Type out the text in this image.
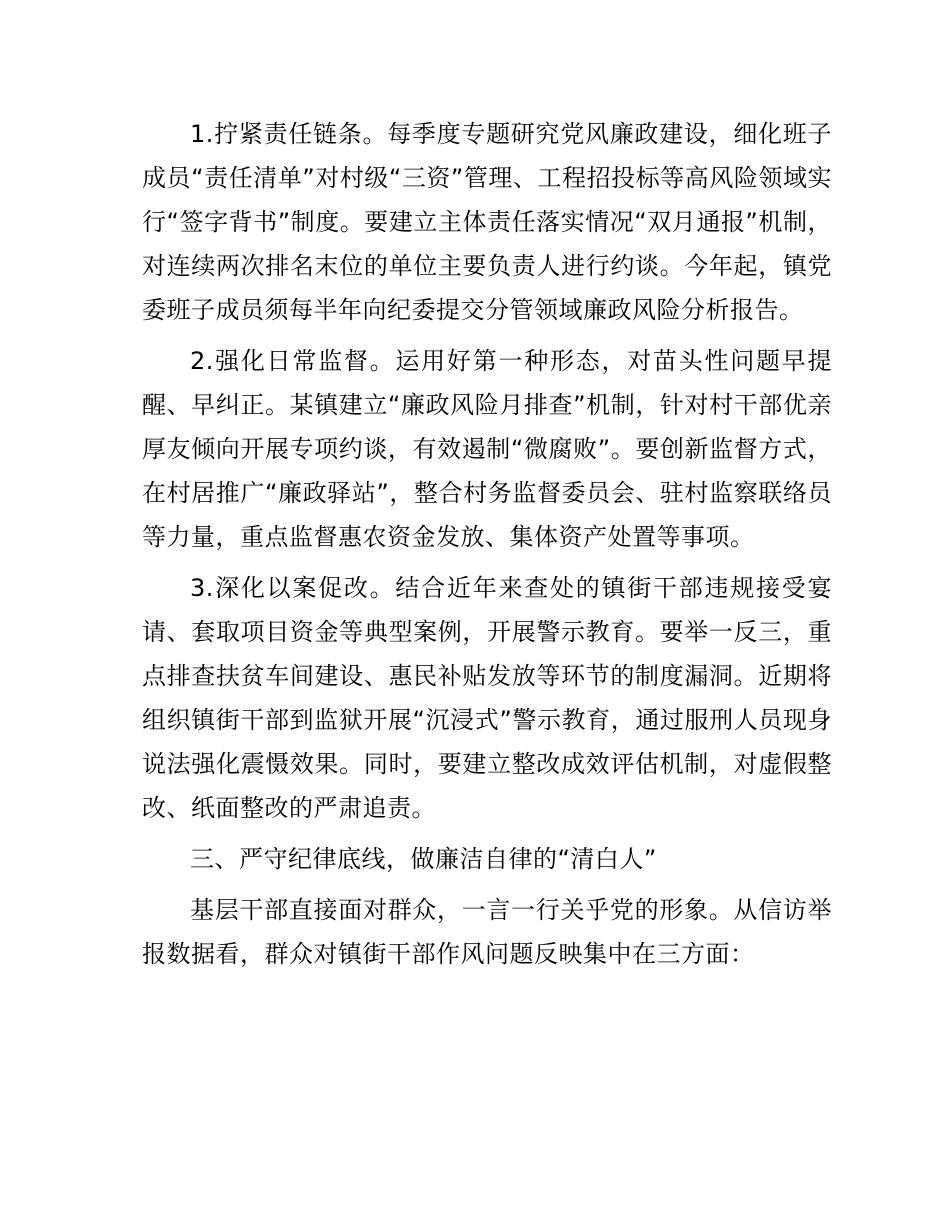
1.拧紧责任链条。每季度专题研究党风廉政建设，细化班子成员“责任清单”对村级“三资”管理、工程招投标等高风险领域实行“签字背书”制度。要建立主体责任落实情况“双月通报”机制，对连续两次排名末位的单位主要负责人进行约谈。今年起，镇党委班子成员须每半年向纪委提交分管领域廉政风险分析报告。

2.强化日常监督。运用好第一种形态，对苗头性问题早提醒、早纠正。某镇建立“廉政风险月排查”机制，针对村干部优亲厚友倾向开展专项约谈，有效遏制“微腐败”。要创新监督方式，在村居推广“廉政驿站”，整合村务监督委员会、驻村监察联络员等力量，重点监督惠农资金发放、集体资产处置等事项。

3.深化以案促改。结合近年来查处的镇街干部违规接受宴请、套取项目资金等典型案例，开展警示教育。要举一反三，重点排查扶贫车间建设、惠民补贴发放等环节的制度漏洞。近期将组织镇街干部到监狱开展“沉浸式”警示教育，通过服刑人员现身说法强化震慑效果。同时，要建立整改成效评估机制，对虚假整改、纸面整改的严肃追责。

三、严守纪律底线，做廉洁自律的“清白人”

基层干部直接面对群众，一言一行关乎党的形象。从信访举报数据看，群众对镇街干部作风问题反映集中在三方面：
